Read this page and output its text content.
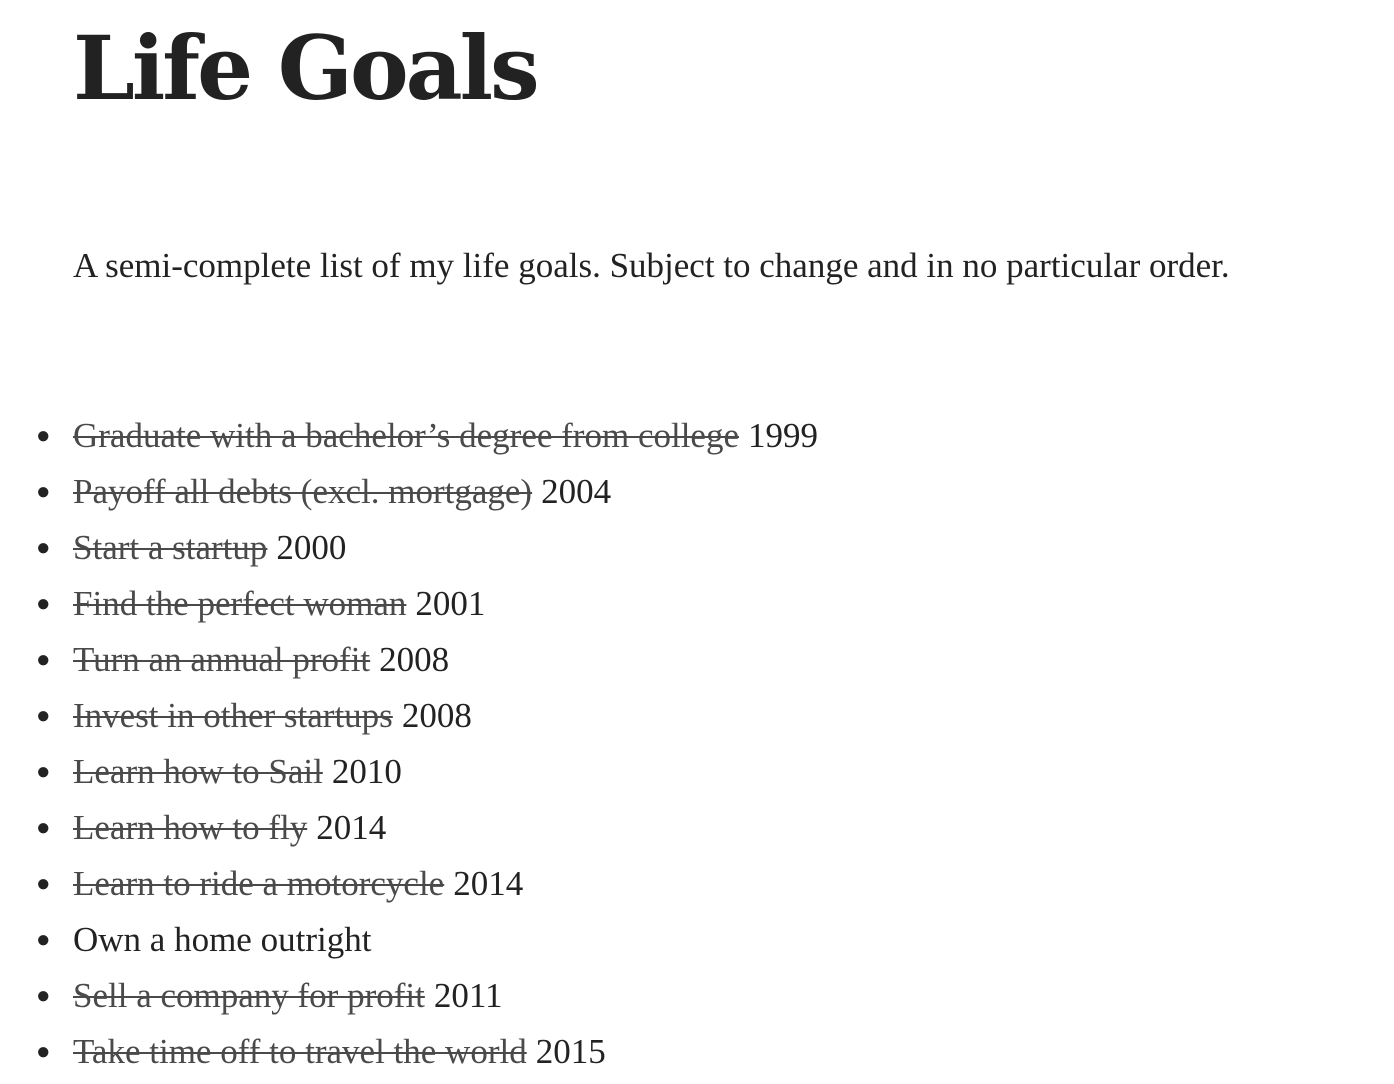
Life Goals

A semi-complete list of my life goals. Subject to change and in no particular order.

● Graduate with a bachelor’s degree from college 1999
● Payoff all debts (excl. mortgage) 2004
● Start a startup 2000
● Find the perfect woman 2001
● Turn an annual profit 2008
● Invest in other startups 2008
● Learn how to Sail 2010
● Learn how to fly 2014
● Learn to ride a motorcycle 2014
● Own a home outright
● Sell a company for profit 2011
● Take time off to travel the world 2015
